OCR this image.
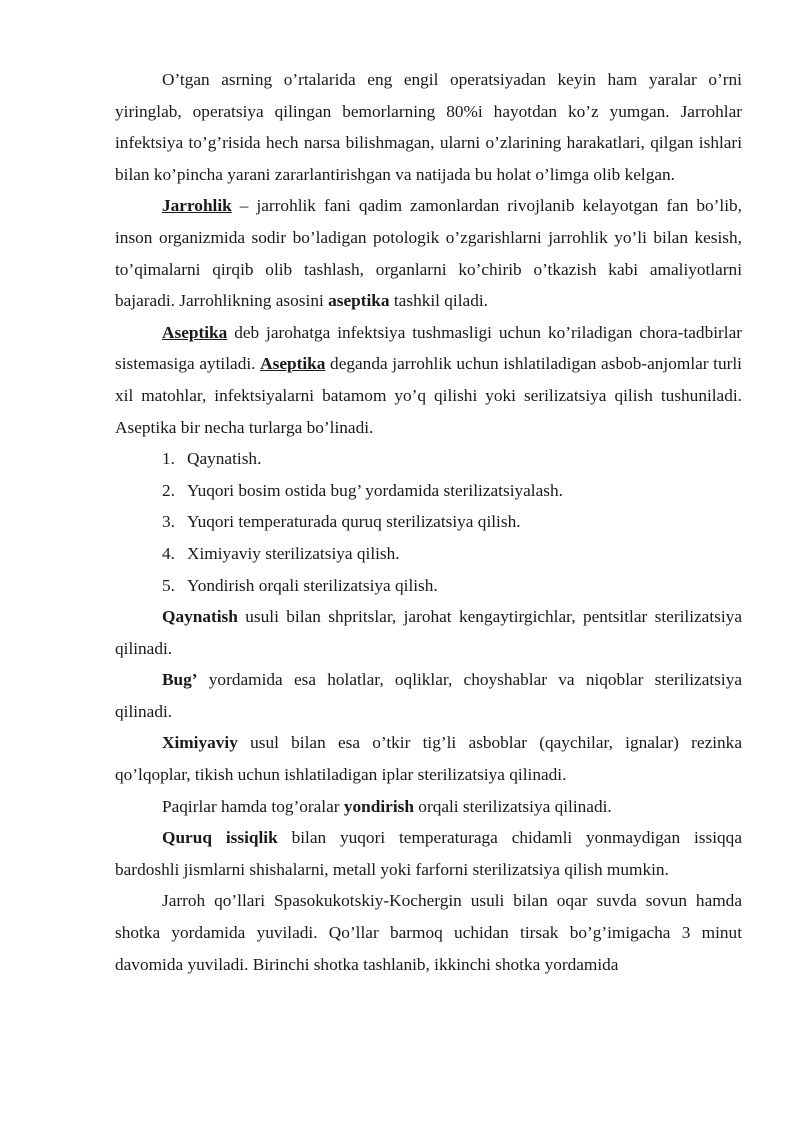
O’tgan asrning o’rtalarida eng engil operatsiyadan keyin ham yaralar o’rni yiringlab, operatsiya qilingan bemorlarning 80%i hayotdan ko’z yumgan. Jarrohlar infektsiya to’g’risida hech narsa bilishmagan, ularni o’zlarining harakatlari, qilgan ishlari bilan ko’pincha yarani zararlantirishgan va natijada bu holat o’limga olib kelgan.

Jarrohlik – jarrohlik fani qadim zamonlardan rivojlanib kelayotgan fan bo’lib, inson organizmida sodir bo’ladigan potologik o’zgarishlarni jarrohlik yo’li bilan kesish, to’qimalarni qirqib olib tashlash, organlarni ko’chirib o’tkazish kabi amaliyotlarni bajaradi. Jarrohlikning asosini aseptika tashkil qiladi.

Aseptika deb jarohatga infektsiya tushmasligi uchun ko’riladigan chora-tadbirlar sistemasiga aytiladi. Aseptika deganda jarrohlik uchun ishlatiladigan asbob-anjomlar turli xil matohlar, infektsiyalarni batamom yo’q qilishi yoki serilizatsiya qilish tushuniladi. Aseptika bir necha turlarga bo’linadi.

1. Qaynatish.
2. Yuqori bosim ostida bug’ yordamida sterilizatsiyalash.
3. Yuqori temperaturada quruq sterilizatsiya qilish.
4. Ximiyaviy sterilizatsiya qilish.
5. Yondirish orqali sterilizatsiya qilish.

Qaynatish usuli bilan shpritslar, jarohat kengaytirgichlar, pentsitlar sterilizatsiya qilinadi.

Bug’ yordamida esa holatlar, oqliklar, choyshablar va niqoblar sterilizatsiya qilinadi.

Ximiyaviy usul bilan esa o’tkir tig’li asboblar (qaychilar, ignalar) rezinka qo’lqoplar, tikish uchun ishlatiladigan iplar sterilizatsiya qilinadi.

Paqirlar hamda tog’oralar yondirish orqali sterilizatsiya qilinadi.

Quruq issiqlik bilan yuqori temperaturaga chidamli yonmaydigan issiqqa bardoshli jismlarni shishalarni, metall yoki farforni sterilizatsiya qilish mumkin.

Jarroh qo’llari Spasokukotskiy-Kochergin usuli bilan oqar suvda sovun hamda shotka yordamida yuviladi. Qo’llar barmoq uchidan tirsak bo’g’imigacha 3 minut davomida yuviladi. Birinchi shotka tashlanib, ikkinchi shotka yordamida
